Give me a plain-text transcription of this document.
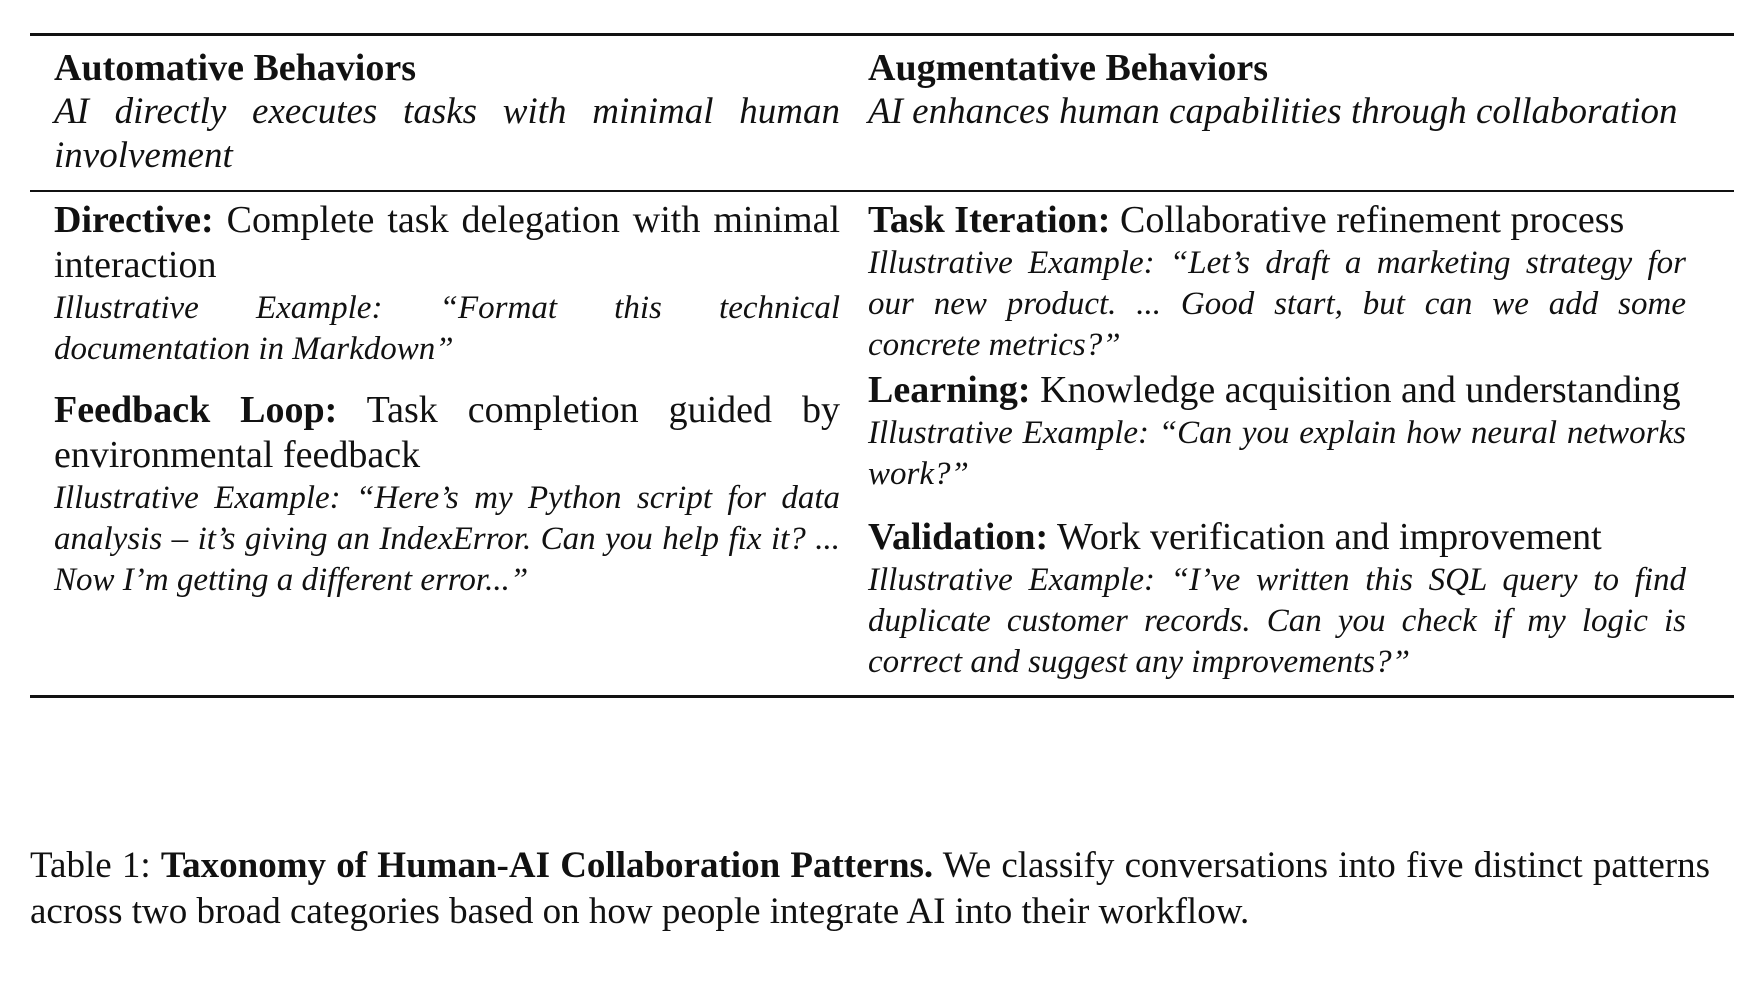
Automative Behaviors
AI directly executes tasks with minimal human involvement
Augmentative Behaviors
AI enhances human capabilities through collaboration
Directive: Complete task delegation with minimal interaction
Illustrative Example: “Format this technical documentation in Markdown”
Feedback Loop: Task completion guided by environmental feedback
Illustrative Example: “Here’s my Python script for data analysis – it’s giving an IndexError. Can you help fix it? ... Now I’m getting a different error...”
Task Iteration: Collaborative refinement process
Illustrative Example: “Let’s draft a marketing strategy for our new product. ... Good start, but can we add some concrete metrics?”
Learning: Knowledge acquisition and understanding
Illustrative Example: “Can you explain how neural networks work?”
Validation: Work verification and improvement
Illustrative Example: “I’ve written this SQL query to find duplicate customer records. Can you check if my logic is correct and suggest any improvements?”
Table 1: Taxonomy of Human-AI Collaboration Patterns. We classify conversations into five distinct patterns across two broad categories based on how people integrate AI into their workflow.
